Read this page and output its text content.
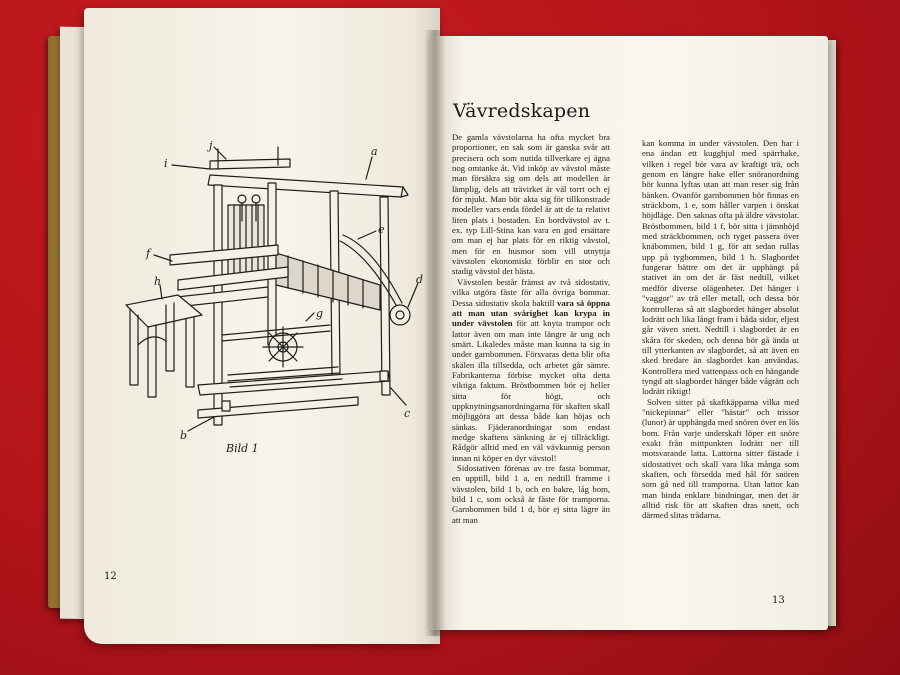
i
j	a
e
f
h
g
d
b
c
Bild 1
12
Vävredskapen

De gamla vävstolarna ha ofta mycket bra proportioner, en sak som är ganska svår att precisera och som nutida tillverkare ej ägna nog omtanke åt. Vid inköp av vävstol måste man försäkra sig om dels att modellen är lämplig, dels att trävirket är väl torrt och ej för mjukt. Man bör akta sig för tillkonstrade modeller vars enda fördel är att de ta relativt liten plats i bostaden. En bordvävstol av t. ex. typ Lill-Stina kan vara en god ersättare om man ej har plats för en riktig vävstol, men för en husmor som vill utnyttja vävstolen ekonomiskt förblir en stor och stadig vävstol det bästa.

Vävstolen består främst av två sidostativ, vilka utgöra fäste för alla övriga bommar. Dessa sidostativ skola baktill vara så öppna att man utan svårighet kan krypa in under vävstolen för att knyta trampor och lattor även om man inte längre är ung och smärt. Likaledes måste man kunna ta sig in under garnbommen. Försvaras detta blir ofta skälen illa tillsedda, och arbetet går sämre. Fabrikanterna förbise mycket ofta detta viktiga faktum. Bröstbommen bör ej heller sitta för högt, och uppknytningsanordningarna för skaften skall möjliggöra att dessa både kan höjas och sänkas. Fjäderanordningar som endast medge skaftens sänkning är ej tillräckligt. Rådgör alltid med en väl vävkunnig person innan ni köper en dyr vävstol!

Sidostativen förenas av tre fasta bommar, en upptill, bild 1 a, en nedtill framme i vävstolen, bild 1 b, och en bakre, låg bom, bild 1 c, som också är fäste för tramporna. Garnbommen bild 1 d, bör ej sitta lägre än att man

kan komma in under vävstolen. Den har i ena ändan ett kugghjul med spärrhake, vilken i regel bör vara av kraftigt trä, och genom en längre hake eller snöranordning bör kunna lyftas utan att man reser sig från bänken. Ovanför garnbommen bör finnas en sträckbom, 1 e, som håller varpen i önskat höjdläge. Den saknas ofta på äldre vävstolar. Bröstbommen, bild 1 f, bör sitta i jämnhöjd med sträckbommen, och tyget passera över knäbommen, bild 1 g, för att sedan rullas upp på tygbommen, bild 1 h. Slagbordet fungerar bättre om det är upphängt på stativet än om det är fäst nedtill, vilket medför diverse olägenheter. Det hänger i "vaggor" av trä eller metall, och dessa bör kontrolleras så att slagbordet hänger absolut lodrätt och lika långt fram i båda sidor, eljest går väven snett. Nedtill i slagbordet är en skåra för skeden, och denna bör gå ända ut till ytterkanten av slagbordet, så att även en sked bredare än slagbordet kan användas. Kontrollera med vattenpass och en hängande tyngd att slagbordet hänger både vågrätt och lodrätt riktigt!

Solven sitter på skaftkäpparna vilka med "nickepinnar" eller "hästar" och trissor (lunor) är upphängda med snören över en lös bom. Från varje underskaft löper ett snöre exakt från mittpunkten lodrätt ner till motsvarande latta. Lattorna sitter fästade i sidostativet och skall vara lika många som skaften, och försedda med hål för snören som gå ned till tramporna. Utan lattor kan man binda enklare bindningar, men det är alltid risk för att skaften dras snett, och därmed slitas trådarna.

13
